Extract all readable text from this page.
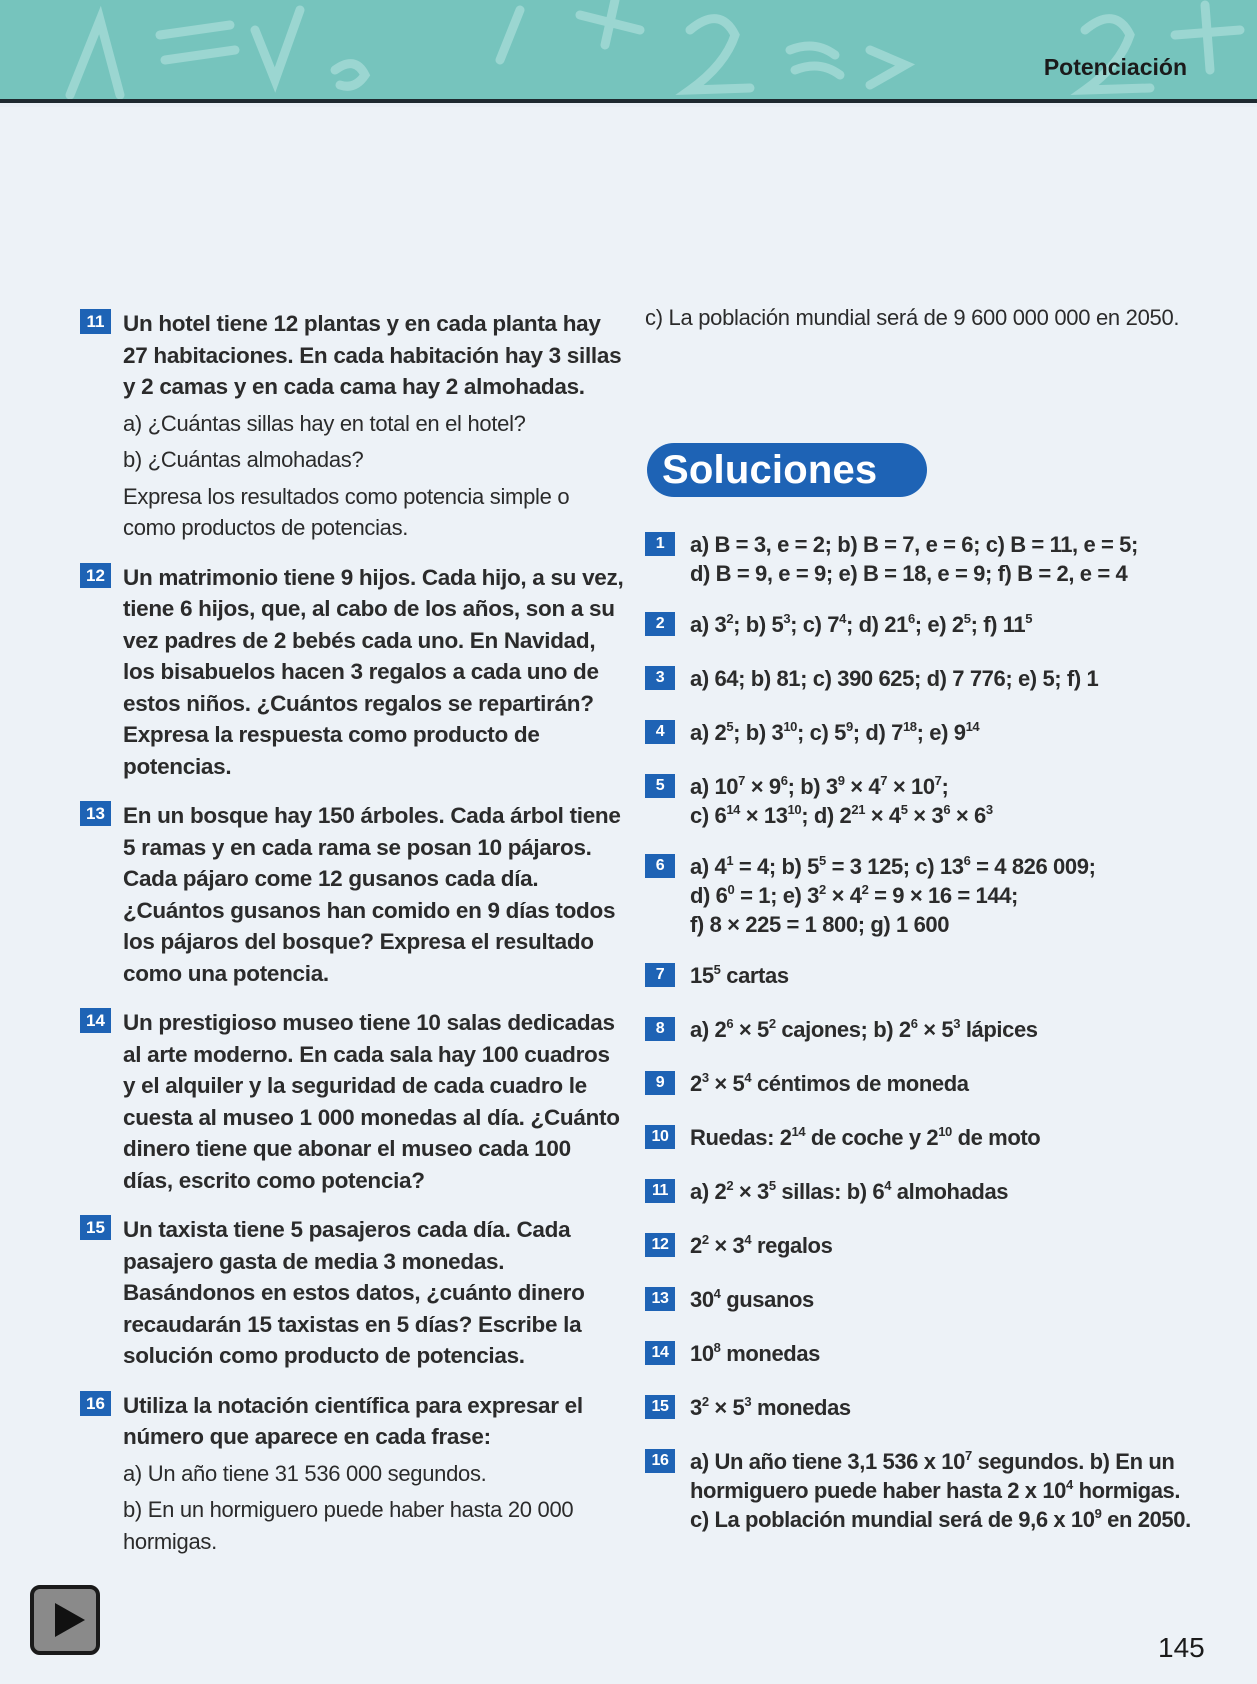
Potenciación
11 Un hotel tiene 12 plantas y en cada planta hay 27 habitaciones. En cada habitación hay 3 sillas y 2 camas y en cada cama hay 2 almohadas.
a) ¿Cuántas sillas hay en total en el hotel?
b) ¿Cuántas almohadas?
Expresa los resultados como potencia simple o como productos de potencias.
12 Un matrimonio tiene 9 hijos. Cada hijo, a su vez, tiene 6 hijos, que, al cabo de los años, son a su vez padres de 2 bebés cada uno. En Navidad, los bisabuelos hacen 3 regalos a cada uno de estos niños. ¿Cuántos regalos se repartirán? Expresa la respuesta como producto de potencias.
13 En un bosque hay 150 árboles. Cada árbol tiene 5 ramas y en cada rama se posan 10 pájaros. Cada pájaro come 12 gusanos cada día. ¿Cuántos gusanos han comido en 9 días todos los pájaros del bosque? Expresa el resultado como una potencia.
14 Un prestigioso museo tiene 10 salas dedicadas al arte moderno. En cada sala hay 100 cuadros y el alquiler y la seguridad de cada cuadro le cuesta al museo 1 000 monedas al día. ¿Cuánto dinero tiene que abonar el museo cada 100 días, escrito como potencia?
15 Un taxista tiene 5 pasajeros cada día. Cada pasajero gasta de media 3 monedas. Basándonos en estos datos, ¿cuánto dinero recaudarán 15 taxistas en 5 días? Escribe la solución como producto de potencias.
16 Utiliza la notación científica para expresar el número que aparece en cada frase:
a) Un año tiene 31 536 000 segundos.
b) En un hormiguero puede haber hasta 20 000 hormigas.
c) La población mundial será de 9 600 000 000 en 2050.
Soluciones
1	a) B = 3, e = 2; b) B = 7, e = 6; c) B = 11, e = 5;
d) B = 9, e = 9; e) B = 18, e = 9; f) B = 2, e = 4
2	a) $3^2$; b) $5^3$; c) $7^4$; d) $21^6$; e) $2^5$; f) $11^5$
3	a) 64; b) 81; c) 390 625; d) 7 776; e) 5; f) 1
4	a) $2^5$; b) $3^{10}$; c) $5^9$; d) $7^{18}$; e) $9^{14}$
5	a) $10^7 \times 9^6$; b) $3^9 \times 4^7 \times 10^7$;
c) $6^{14} \times 13^{10}$; d) $2^{21} \times 4^5 \times 3^6 \times 6^3$
6	a) $4^1 = 4$; b) $5^5 = 3$ 125; c) $13^6 = 4$ 826 009;
d) $6^0 = 1$; e) $3^2 \times 4^2 = 9 \times 16 = 144$;
f) 8 × 225 = 1 800; g) 1 600
7	$15^5$ cartas
8	a) $2^6 \times 5^2$ cajones; b) $2^6 \times 5^3$ lápices
9	$2^3 \times 5^4$ céntimos de moneda
10 Ruedas: $2^{14}$ de coche y $2^{10}$ de moto
11 a) $2^2 \times 3^5$ sillas: b) $6^4$ almohadas
12 $2^2 \times 3^4$ regalos
13 $30^4$ gusanos
14 $10^8$ monedas
15 $3^2 \times 5^3$ monedas
16 a) Un año tiene 3,1 536 x $10^7$ segundos. b) En un
hormiguero puede haber hasta 2 x $10^4$ hormigas.
c) La población mundial será de 9,6 x $10^9$ en 2050.
145
